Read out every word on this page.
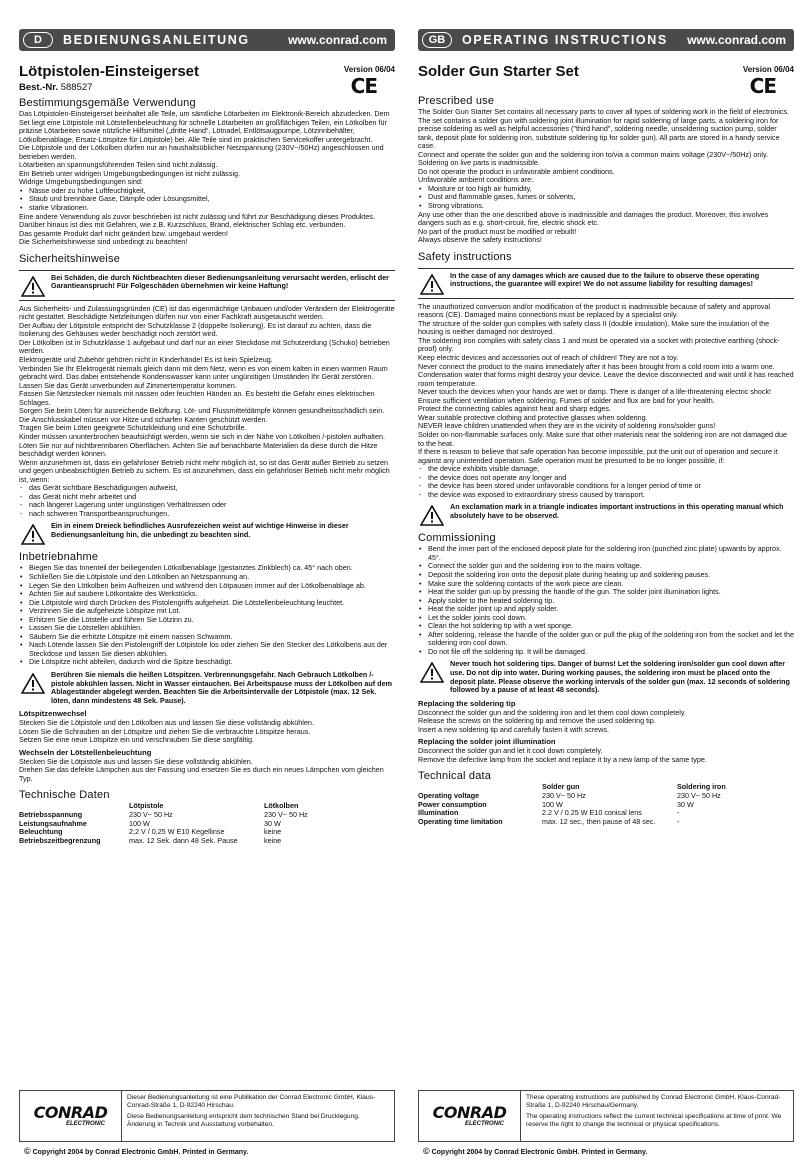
D	BEDIENUNGSANLEITUNG	www.conrad.com
Lötpistolen-Einsteigerset	Version 06/04
Best.-Nr. 588527	CE
Bestimmungsgemäße Verwendung

Das Lötpistolen-Einsteigerset beinhaltet alle Teile, um sämtliche Lötarbeiten im Elektronik-Bereich abzudecken. Dem Set liegt eine Lötpistole mit Lötstellenbeleuchtung für schnelle Lötarbeiten an großflächigen Teilen, ein Lötkolben für präzise Lötarbeiten sowie nützliche Hilfsmittel („dritte Hand“, Lötnadel, Entlötsaugpumpe, Lötzinnbehälter, Lötkolbenablage, Ersatz-Lötspitze für Lötpistole) bei. Alle Teile sind im praktischen Servicekoffer untergebracht.

Die Lötpistole und der Lötkolben dürfen nur an haushaltsüblicher Netzspannung (230V~/50Hz) angeschlossen und betrieben werden.

Lötarbeiten an spannungsführenden Teilen sind nicht zulässig.

Ein Betrieb unter widrigen Umgebungsbedingungen ist nicht zulässig.

Widrige Umgebungsbedingungen sind:

• Nässe oder zu hohe Luftfeuchtigkeit,
• Staub und brennbare Gase, Dämpfe oder Lösungsmittel,
• starke Vibrationen.

Eine andere Verwendung als zuvor beschrieben ist nicht zulässig und führt zur Beschädigung dieses Produktes. Darüber hinaus ist dies mit Gefahren, wie z.B. Kurzschluss, Brand, elektrischer Schlag etc. verbunden.

Das gesamte Produkt darf nicht geändert bzw. umgebaut werden!

Die Sicherheitshinweise sind unbedingt zu beachten!

Sicherheitshinweise
Bei Schäden, die durch Nichtbeachten dieser Bedienungsanleitung verursacht werden, erlischt der Garantieanspruch! Für Folgeschäden übernehmen wir keine Haftung!

Aus Sicherheits- und Zulassungsgründen (CE) ist das eigenmächtige Umbauen und/oder Verändern der Elektrogeräte nicht gestattet. Beschädigte Netzleitungen dürfen nur von einer Fachkraft ausgetauscht werden.

Der Aufbau der Lötpistole entspricht der Schutzklasse 2 (doppelte Isolierung). Es ist darauf zu achten, dass die Isolierung des Gehäuses weder beschädigt noch zerstört wird.

Der Lötkolben ist in Schutzklasse 1 aufgebaut und darf nur an einer Steckdose mit Schutzerdung (Schuko) betrieben werden.

Elektrogeräte und Zubehör gehören nicht in Kinderhände! Es ist kein Spielzeug.

Verbinden Sie Ihr Elektrogerät niemals gleich dann mit dem Netz, wenn es von einem kalten in einen warmen Raum gebracht wird. Das dabei entstehende Kondenswasser kann unter ungünstigen Umständen Ihr Gerät zerstören. Lassen Sie das Gerät unverbunden auf Zimmertemperatur kommen.

Fassen Sie Netzstecker niemals mit nassen oder feuchten Händen an. Es besteht die Gefahr eines elektrischen Schlages.

Sorgen Sie beim Löten für ausreichende Belüftung. Löt- und Flussmitteldämpfe können gesundheitsschädlich sein.

Die Anschlusskabel müssen vor Hitze und scharfen Kanten geschützt werden.

Tragen Sie beim Löten geeignete Schutzkleidung und eine Schutzbrille.

Kinder müssen ununterbrochen beaufsichtigt werden, wenn sie sich in der Nähe von Lötkolben /-pistolen aufhalten.

Löten Sie nur auf nichtbrennbaren Oberflächen. Achten Sie auf benachbarte Materialien da diese durch die Hitze beschädigt werden können.

Wenn anzunehmen ist, dass ein gefahrloser Betrieb nicht mehr möglich ist, so ist das Gerät außer Betrieb zu setzen und gegen unbeabsichtigten Betrieb zu sichern. Es ist anzunehmen, dass ein gefahrloser Betrieb nicht mehr möglich ist, wenn:

- das Gerät sichtbare Beschädigungen aufweist,
- das Gerät nicht mehr arbeitet und
- nach längerer Lagerung unter ungünstigen Verhältnissen oder
- nach schweren Transportbeanspruchungen.
Ein in einem Dreieck befindliches Ausrufezeichen weist auf wichtige Hinweise in dieser Bedienungsanleitung hin, die unbedingt zu beachten sind.
Inbetriebnahme
• Biegen Sie das Innenteil der beiliegenden Lötkolbenablage (gestanztes Zinkblech) ca. 45° nach oben.
• Schließen Sie die Lötpistole und den Lötkolben an Netzspannung an.
• Legen Sie den Lötkolben beim Aufheizen und während den Lötpausen immer auf der Lötkolbenablage ab.
• Achten Sie auf saubere Lötkontakte des Werkstücks.
• Die Lötpistole wird durch Drücken des Pistolengriffs aufgeheizt. Die Lötstellenbeleuchtung leuchtet.
• Verzinnen Sie die aufgeheizte Lötspitze mit Lot.
• Erhitzen Sie die Lötstelle und führen Sie Lötzinn zu.
• Lassen Sie die Lötstellen abkühlen.
• Säubern Sie die erhitzte Lötspitze mit einem nassen Schwamm.
• Nach Lötende lassen Sie den Pistolengriff der Lötpistole los oder ziehen Sie den Stecker des Lötkolbens aus der Steckdose und lassen Sie diesen abkühlen.
• Die Lötspitze nicht abfeilen, dadurch wird die Spitze beschädigt.
Berühren Sie niemals die heißen Lötspitzen. Verbrennungsgefahr. Nach Gebrauch Lötkolben /-pistole abkühlen lassen. Nicht in Wasser eintauchen. Bei Arbeitspause muss der Lötkolben auf dem Ablageständer abgelegt werden. Beachten Sie die Arbeitsintervalle der Lötpistole (max. 12 Sek. löten, dann mindestens 48 Sek. Pause).
Lötspitzenwechsel

Stecken Sie die Lötpistole und den Lötkolben aus und lassen Sie diese vollständig abkühlen.

Lösen Sie die Schrauben an der Lötspitze und ziehen Sie die verbrauchte Lötspitze heraus.

Setzen Sie eine neue Lötspitze ein und verschrauben Sie diese sorgfältig.

Wechseln der Lötstellenbeleuchtung

Stecken Sie die Lötpistole aus und lassen Sie diese vollständig abkühlen.

Drehen Sie das defekte Lämpchen aus der Fassung und ersetzen Sie es durch ein neues Lämpchen vom gleichen Typ.

Technische Daten
	Lötpistole	Lötkolben
Betriebsspannung	230 V~ 50 Hz	230 V~ 50 Hz
Leistungsaufnahme	100 W	30 W
Beleuchtung	2,2 V / 0,25 W E10 Kegellinse	keine
Betriebszeitbegrenzung	max. 12 Sek. dann 48 Sek. Pause	keine
CONRAD
ELECTRONIC

Dieser Bedienungsanleitung ist eine Publikation der Conrad Electronic GmbH, Klaus-Conrad-Straße 1, D-92240 Hirschau.

Diese Bedienungsanleitung entspricht dem technischen Stand bei Drucklegung. Änderung in Technik und Ausstattung vorbehalten.

© Copyright 2004 by Conrad Electronic GmbH. Printed in Germany.
GB	OPERATING INSTRUCTIONS	www.conrad.com
Solder Gun Starter Set	Version 06/04
CE
Prescribed use

The Solder Gun Starter Set contains all necessary parts to cover all types of soldering work in the field of electronics. The set contains a solder gun with soldering joint illumination for rapid soldering of large parts, a soldering iron for precise soldering as well as helpful accessories ("third hand", soldering needle, unsoldering suction pump, solder tank, deposit plate for soldering iron, substitute soldering tip for solder gun). All parts are stored in a handy service case.

Connect and operate the solder gun and the soldering iron to/via a common mains voltage (230V~/50Hz) only.

Soldering on live parts is inadmissible.

Do not operate the product in unfavorable ambient conditions.

Unfavorable ambient conditions are:

• Moisture or too high air humidity,
• Dust and flammable gases, fumes or solvents,
• Strong vibrations.

Any use other than the one described above is inadmissible and damages the product. Moreover, this involves dangers such as e.g. short-circuit, fire, electric shock etc.

No part of the product must be modified or rebuilt!

Always observe the safety instructions!

Safety instructions
In the case of any damages which are caused due to the failure to observe these operating instructions, the guarantee will expire! We do not assume liability for resulting damages!

The unauthorized conversion and/or modification of the product is inadmissible because of safety and approval reasons (CE). Damaged mains connections must be replaced by a specialist only.

The structure of the solder gun complies with safety class II (double insulation). Make sure the insulation of the housing is neither damaged nor destroyed.

The soldering iron complies with safety class 1 and must be operated via a socket with protective earthing (shock-proof) only.

Keep electric devices and accessories out of reach of children! They are not a toy.

Never connect the product to the mains immediately after it has been brought from a cold room into a warm one. Condensation water that forms might destroy your device. Leave the device disconnected and wait until it has reached room temperature.

Never touch the devices when your hands are wet or damp. There is danger of a life-threatening electric shock!

Ensure sufficient ventilation when soldering. Fumes of solder and flux are bad for your health.

Protect the connecting cables against heat and sharp edges.

Wear suitable protective clothing and protective glasses when soldering.

NEVER leave children unattended when they are in the vicinity of soldering irons/solder guns!

Solder on non-flammable surfaces only. Make sure that other materials near the soldering iron are not damaged due to the heat.

If there is reason to believe that safe operation has become impossible, put the unit out of operation and secure it against any unintended operation. Safe operation must be presumed to be no longer possible, if:

- the device exhibits visible damage,
- the device does not operate any longer and
- the device has been stored under unfavorable conditions for a longer period of time or
- the device was exposed to extraordinary stress caused by transport.
An exclamation mark in a triangle indicates important instructions in this operating manual which absolutely have to be observed.
Commissioning
• Bend the inner part of the enclosed deposit plate for the soldering iron (punched zinc plate) upwards by approx. 45°.
• Connect the solder gun and the soldering iron to the mains voltage.
• Deposit the soldering iron onto the deposit plate during heating up and soldering pauses.
• Make sure the soldering contacts of the work piece are clean.
• Heat the solder gun up by pressing the handle of the gun. The solder joint illumination lights.
• Apply solder to the heated soldering tip.
• Heat the solder joint up and apply solder.
• Let the solder joints cool down.
• Clean the hot soldering tip with a wet sponge.
• After soldering, release the handle of the solder gun or pull the plug of the soldering iron from the socket and let the soldering iron cool down.
• Do not file off the soldering tip. It will be damaged.
Never touch hot soldering tips. Danger of burns! Let the soldering iron/solder gun cool down after use. Do not dip into water. During working pauses, the soldering iron must be placed onto the deposit plate. Please observe the working intervals of the solder gun (max. 12 seconds of soldering followed by a pause of at least 48 seconds).
Replacing the soldering tip

Disconnect the solder gun and the soldering iron and let them cool down completely.

Release the screws on the soldering tip and remove the used soldering tip.

Insert a new soldering tip and carefully fasten it with screws.

Replacing the solder joint illumination

Disconnect the solder gun and let it cool down completely.

Remove the defective lamp from the socket and replace it by a new lamp of the same type.

Technical data
	Solder gun	Soldering iron
Operating voltage	230 V~ 50 Hz	230 V~ 50 Hz
Power consumption	100 W	30 W
Illumination	2.2 V / 0.25 W E10 conical lens	-
Operating time limitation	max. 12 sec., then pause of 48 sec.	-
CONRAD
ELECTRONIC

These operating instructions are published by Conrad Electronic GmbH, Klaus-Conrad-Straße 1, D-92240 Hirschau/Germany.

The operating instructions reflect the current technical specifications at time of print. We reserve the right to change the technical or physical specifications.

© Copyright 2004 by Conrad Electronic GmbH. Printed in Germany.
